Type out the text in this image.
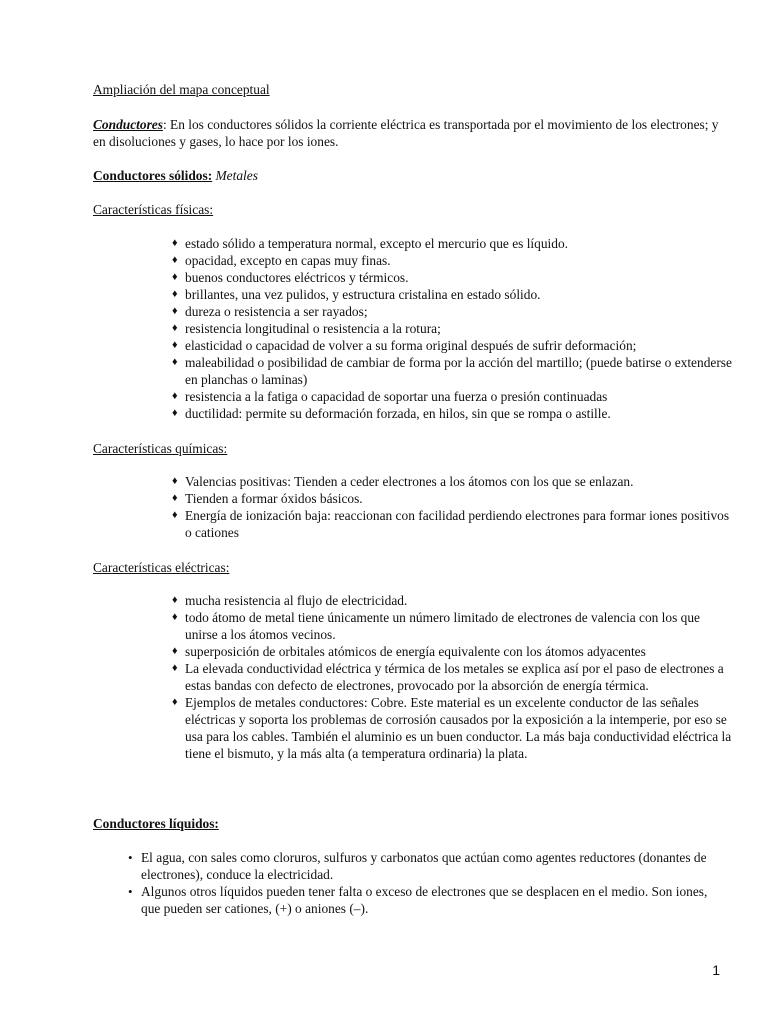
Ampliación del mapa conceptual

Conductores: En los conductores sólidos la corriente eléctrica es transportada por el movimiento de los electrones; y en disoluciones y gases, lo hace por los iones.

Conductores sólidos: Metales

Características físicas:

♦ estado sólido a temperatura normal, excepto el mercurio que es líquido.
♦ opacidad, excepto en capas muy finas.
♦ buenos conductores eléctricos y térmicos.
♦ brillantes, una vez pulidos, y estructura cristalina en estado sólido.
♦ dureza o resistencia a ser rayados;
♦ resistencia longitudinal o resistencia a la rotura;
♦ elasticidad o capacidad de volver a su forma original después de sufrir deformación;
♦ maleabilidad o posibilidad de cambiar de forma por la acción del martillo; (puede batirse o extenderse en planchas o laminas)
♦ resistencia a la fatiga o capacidad de soportar una fuerza o presión continuadas
♦ ductilidad: permite su deformación forzada, en hilos, sin que se rompa o astille.

Características químicas:

♦ Valencias positivas: Tienden a ceder electrones a los átomos con los que se enlazan.
♦ Tienden a formar óxidos básicos.
♦ Energía de ionización baja: reaccionan con facilidad perdiendo electrones para formar iones positivos o cationes

Características eléctricas:

♦ mucha resistencia al flujo de electricidad.
♦ todo átomo de metal tiene únicamente un número limitado de electrones de valencia con los que unirse a los átomos vecinos.
♦ superposición de orbitales atómicos de energía equivalente con los átomos adyacentes
♦ La elevada conductividad eléctrica y térmica de los metales se explica así por el paso de electrones a estas bandas con defecto de electrones, provocado por la absorción de energía térmica.
♦ Ejemplos de metales conductores: Cobre. Este material es un excelente conductor de las señales eléctricas y soporta los problemas de corrosión causados por la exposición a la intemperie, por eso se usa para los cables. También el aluminio es un buen conductor. La más baja conductividad eléctrica la tiene el bismuto, y la más alta (a temperatura ordinaria) la plata.

Conductores líquidos:

• El agua, con sales como cloruros, sulfuros y carbonatos que actúan como agentes reductores (donantes de electrones), conduce la electricidad.
• Algunos otros líquidos pueden tener falta o exceso de electrones que se desplacen en el medio. Son iones, que pueden ser cationes, (+) o aniones (–).
1
